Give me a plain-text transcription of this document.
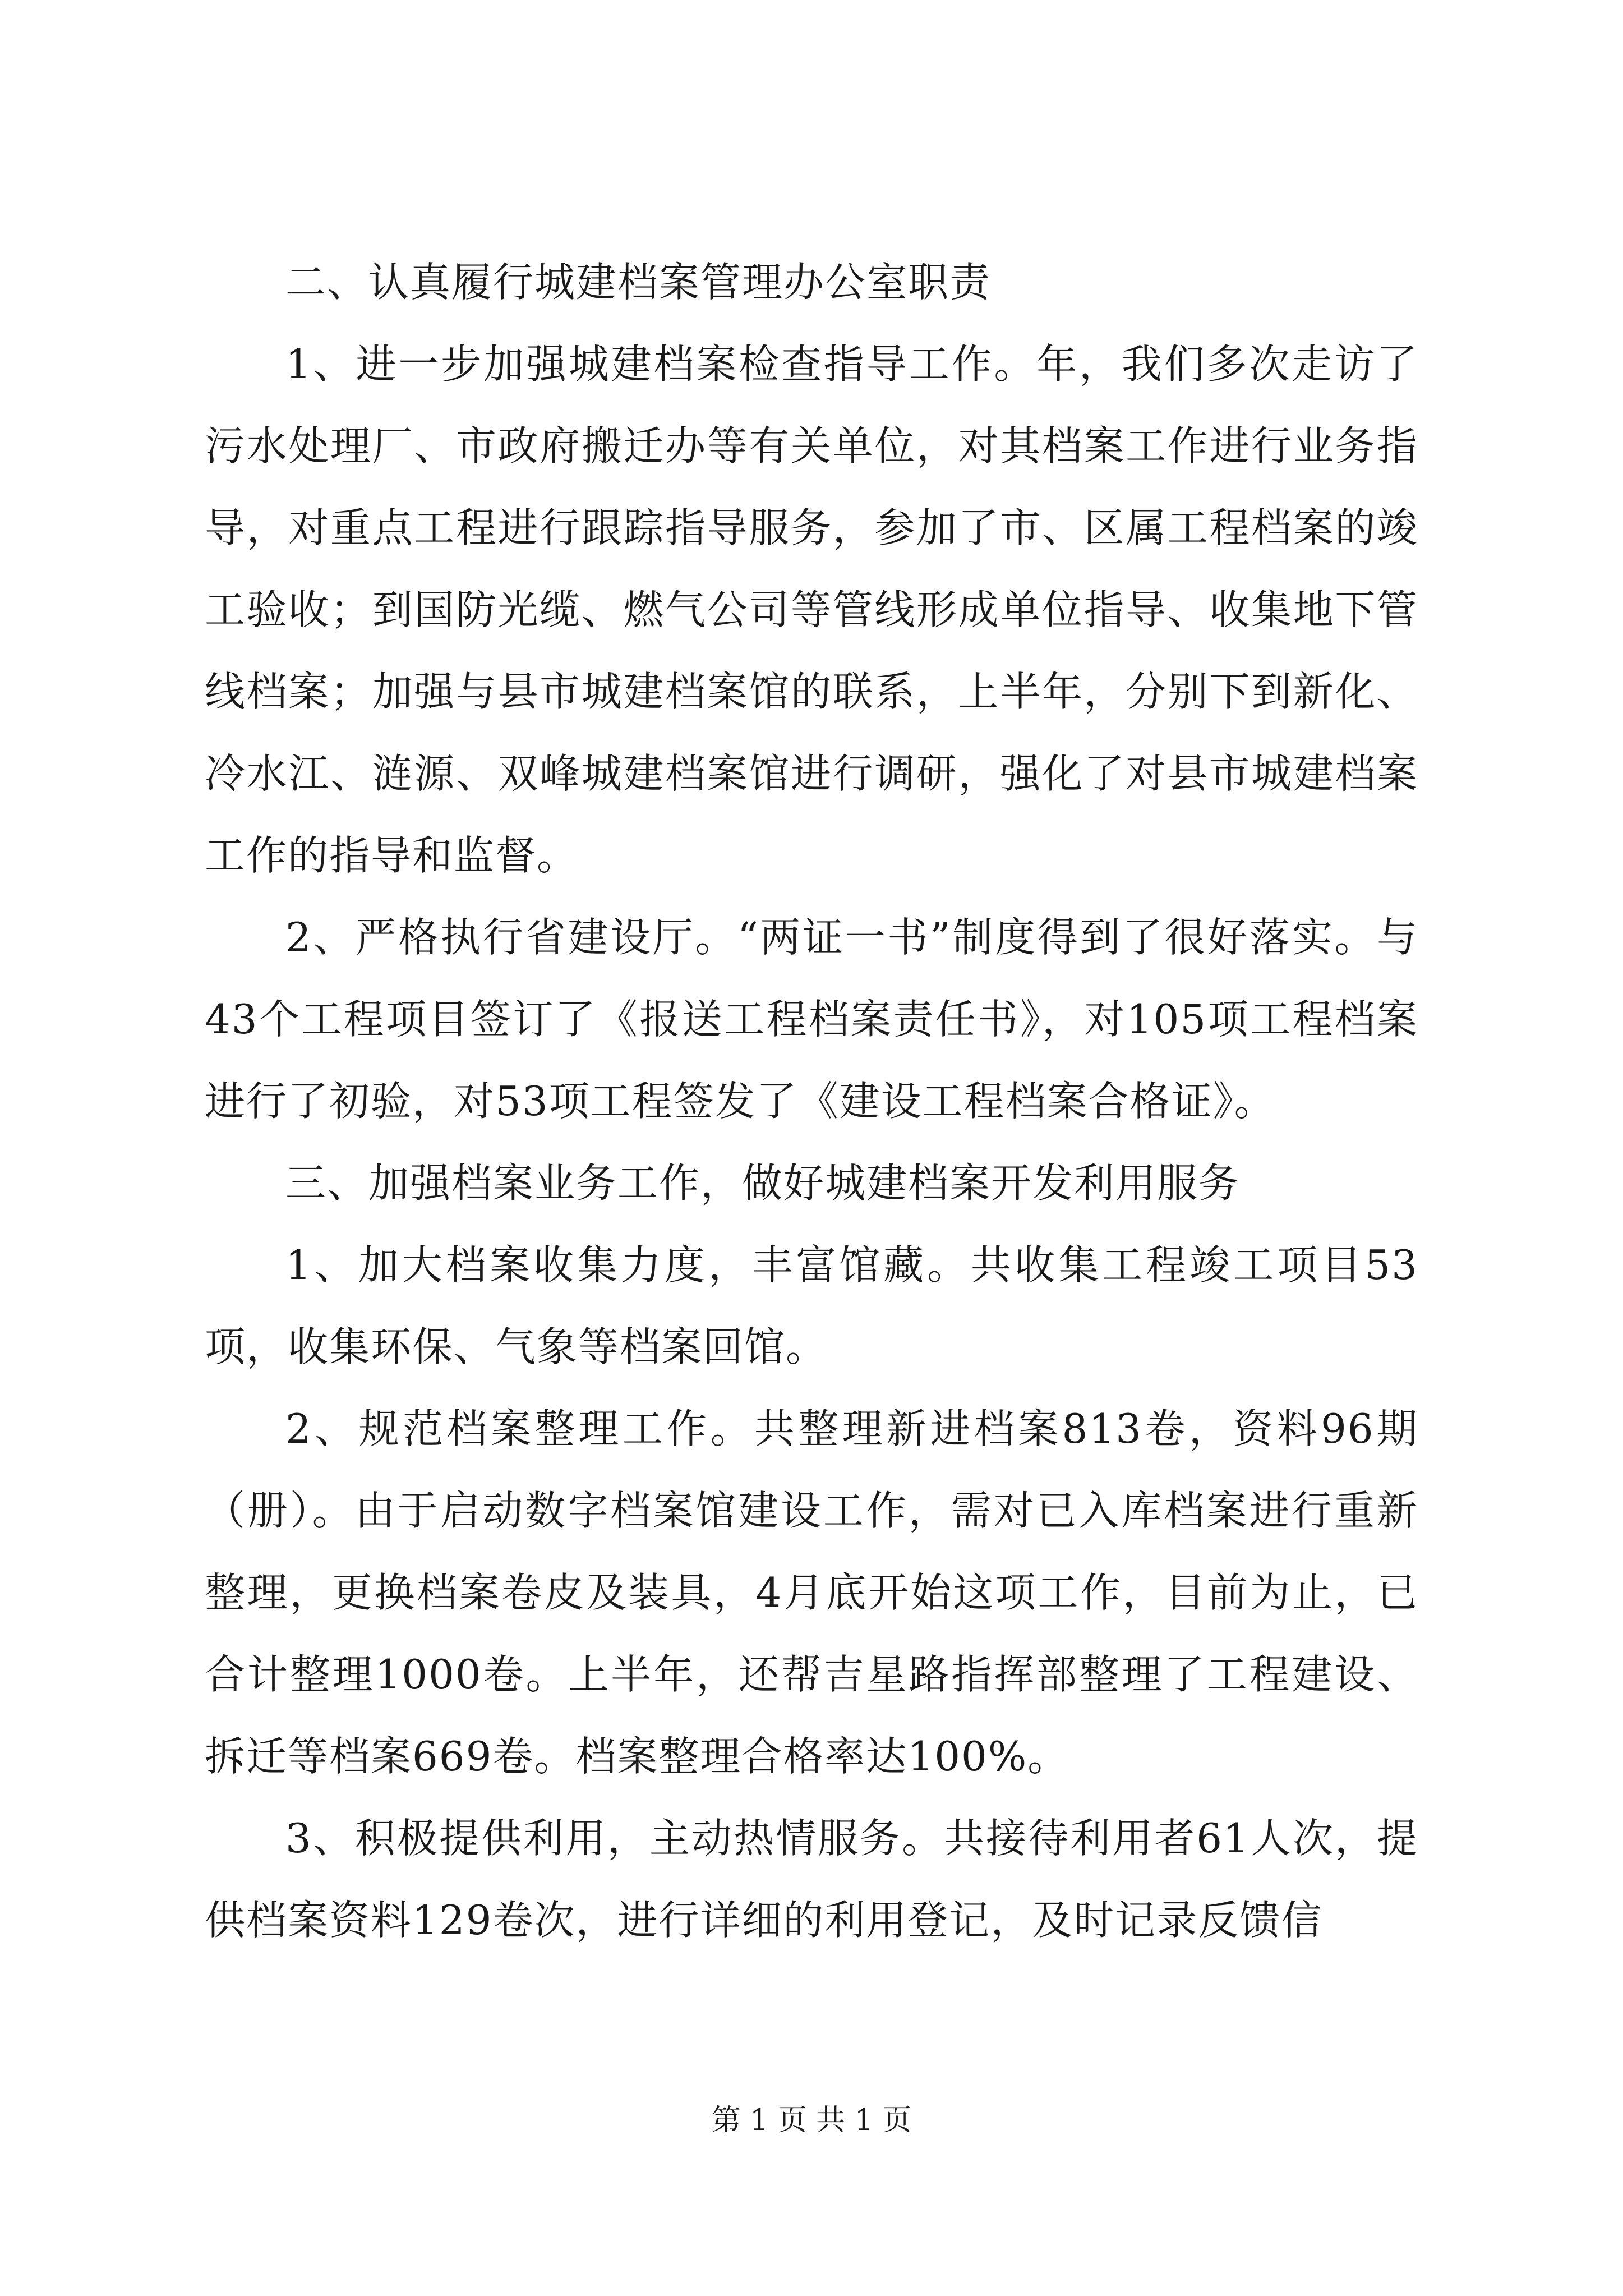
二、认真履行城建档案管理办公室职责

1、进一步加强城建档案检查指导工作。年，我们多次走访了污水处理厂、市政府搬迁办等有关单位，对其档案工作进行业务指导，对重点工程进行跟踪指导服务，参加了市、区属工程档案的竣工验收；到国防光缆、燃气公司等管线形成单位指导、收集地下管线档案；加强与县市城建档案馆的联系，上半年，分别下到新化、冷水江、涟源、双峰城建档案馆进行调研，强化了对县市城建档案工作的指导和监督。

2、严格执行省建设厅。“两证一书”制度得到了很好落实。与43个工程项目签订了《报送工程档案责任书》，对105项工程档案进行了初验，对53项工程签发了《建设工程档案合格证》。

三、加强档案业务工作，做好城建档案开发利用服务

1、加大档案收集力度，丰富馆藏。共收集工程竣工项目53项，收集环保、气象等档案回馆。

2、规范档案整理工作。共整理新进档案813卷，资料96期（册）。由于启动数字档案馆建设工作，需对已入库档案进行重新整理，更换档案卷皮及装具，4月底开始这项工作，目前为止，已合计整理1000卷。上半年，还帮吉星路指挥部整理了工程建设、拆迁等档案669卷。档案整理合格率达100%。

3、积极提供利用，主动热情服务。共接待利用者61人次，提供档案资料129卷次，进行详细的利用登记，及时记录反馈信

第 1 页 共 1 页
